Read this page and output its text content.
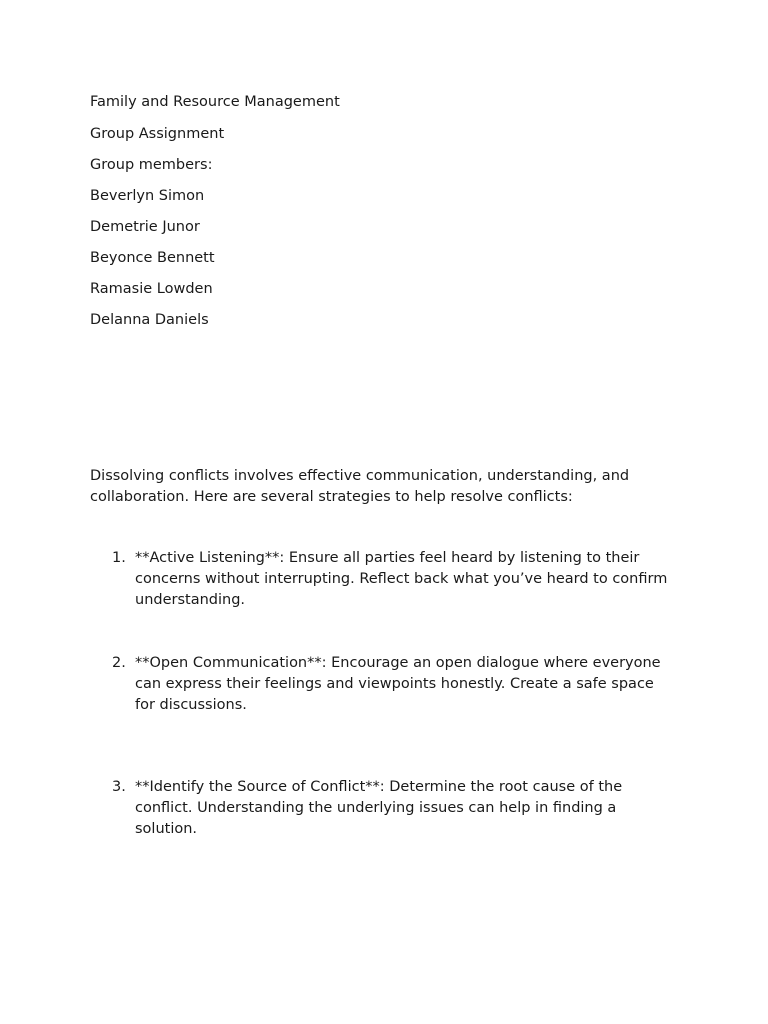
Family and Resource Management
Group Assignment
Group members:
Beverlyn Simon
Demetrie Junor
Beyonce Bennett
Ramasie Lowden
Delanna Daniels

Dissolving conflicts involves effective communication, understanding, and collaboration. Here are several strategies to help resolve conflicts:

1. **Active Listening**: Ensure all parties feel heard by listening to their concerns without interrupting. Reflect back what you’ve heard to confirm understanding.

2. **Open Communication**: Encourage an open dialogue where everyone can express their feelings and viewpoints honestly. Create a safe space for discussions.

3. **Identify the Source of Conflict**: Determine the root cause of the conflict. Understanding the underlying issues can help in finding a solution.
